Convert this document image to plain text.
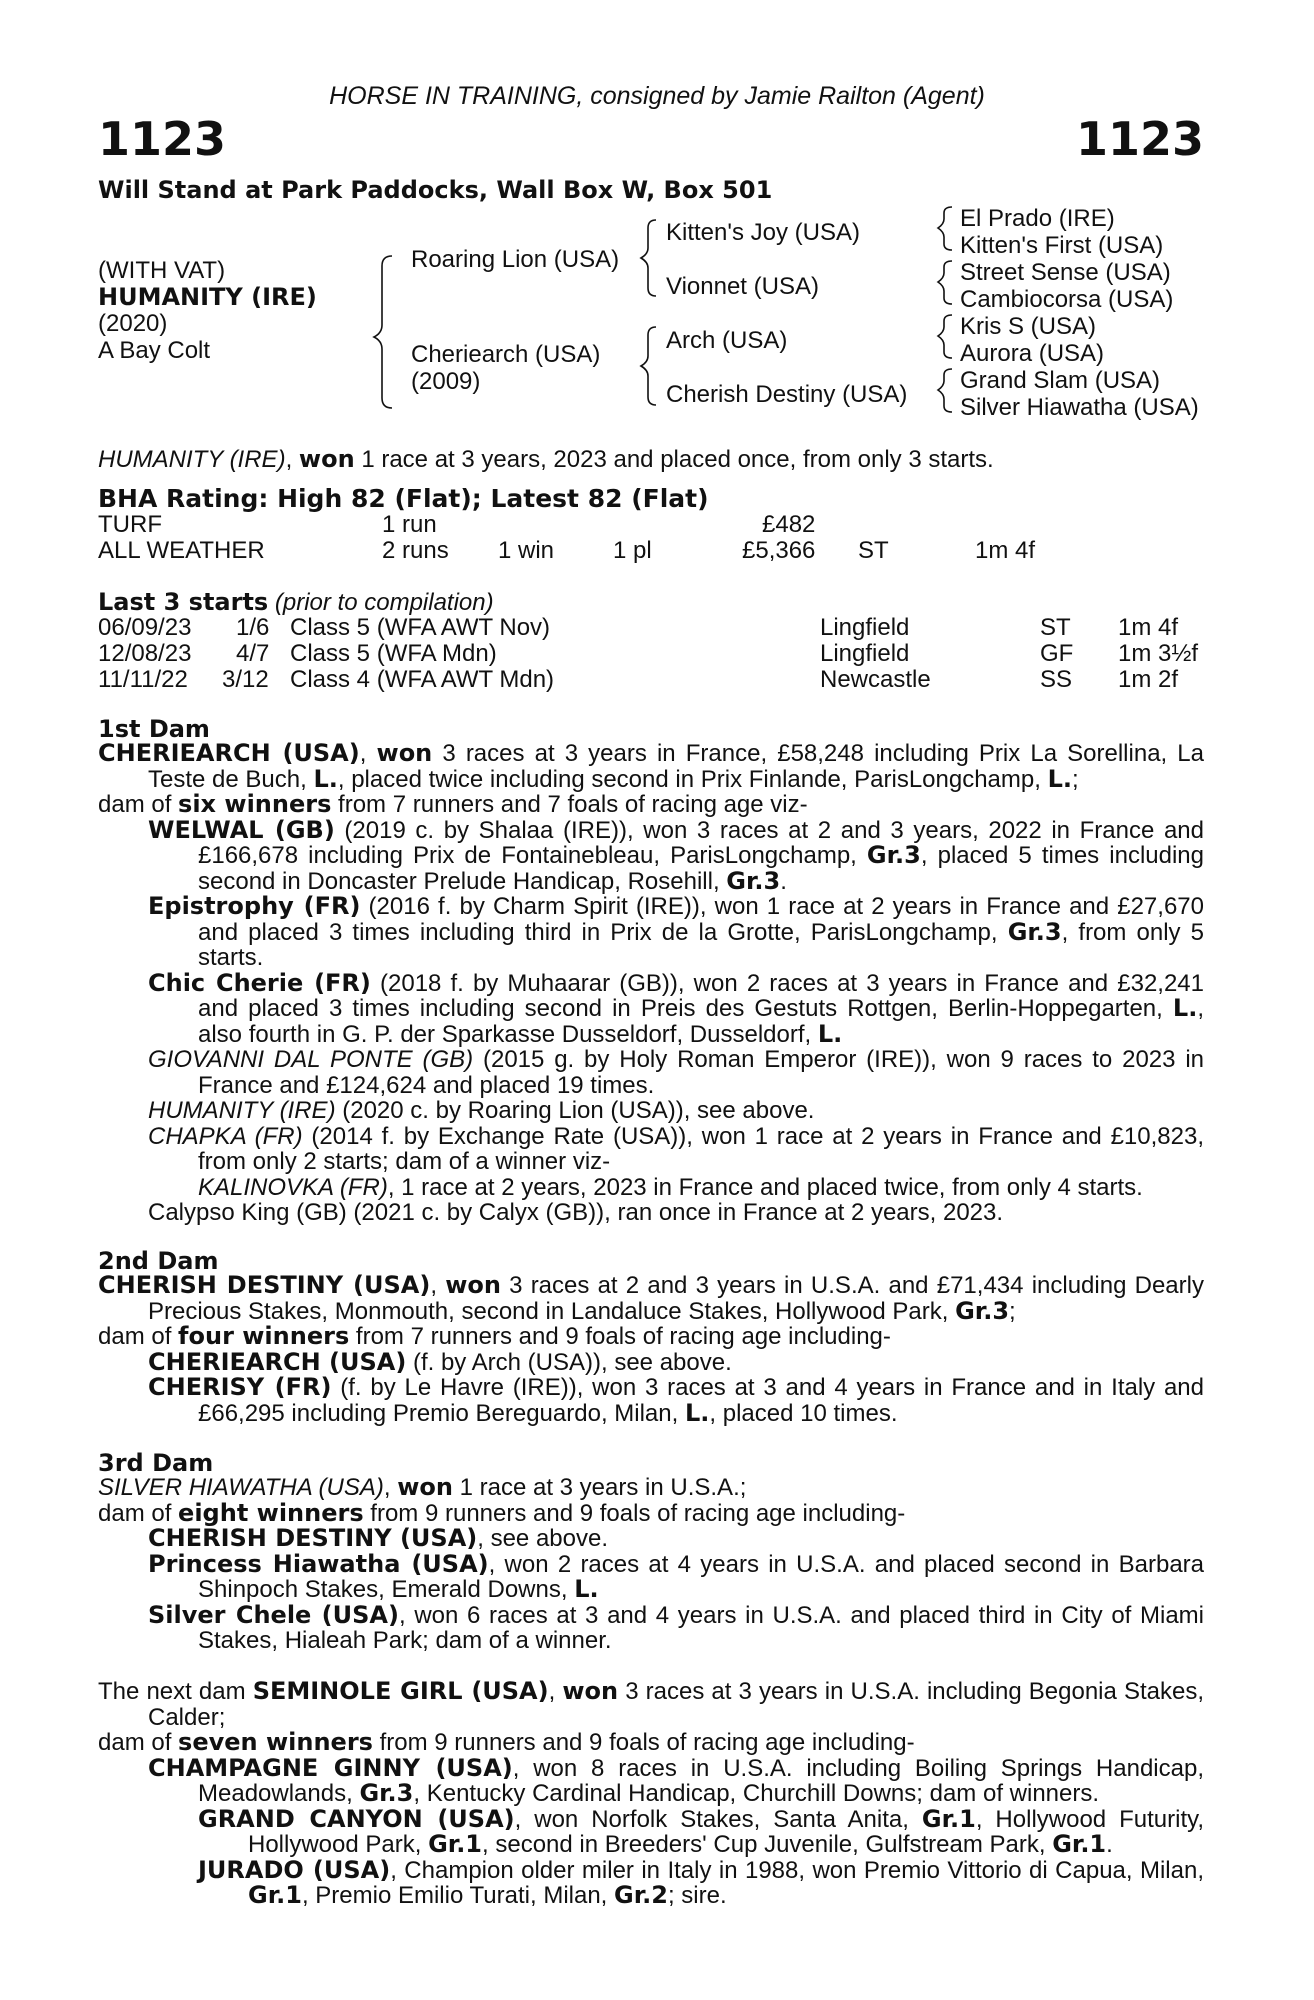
HORSE IN TRAINING, consigned by Jamie Railton (Agent)
1123	1123
Will Stand at Park Paddocks, Wall Box W, Box 501
(WITH VAT)
HUMANITY (IRE)
(2020)
A Bay Colt
Roaring Lion (USA)
Cheriearch (USA)
(2009)
Kitten's Joy (USA)
Vionnet (USA)
Arch (USA)
Cherish Destiny (USA)
El Prado (IRE)
Kitten's First (USA)
Street Sense (USA)
Cambiocorsa (USA)
Kris S (USA)
Aurora (USA)
Grand Slam (USA)
Silver Hiawatha (USA)
HUMANITY (IRE), won 1 race at 3 years, 2023 and placed once, from only 3 starts.
BHA Rating: High 82 (Flat); Latest 82 (Flat)
TURF	1 run	£482
ALL WEATHER	2 runs 1 win 1 pl	£5,366 ST	1m 4f
Last 3 starts (prior to compilation)
06/09/23 1/6 Class 5 (WFA AWT Nov)	Lingfield	ST 1m 4f
12/08/23 4/7 Class 5 (WFA Mdn)	Lingfield	GF 1m 3½f
11/11/22 3/12 Class 4 (WFA AWT Mdn)	Newcastle	SS 1m 2f
1st Dam

CHERIEARCH (USA), won 3 races at 3 years in France, £58,248 including Prix La Sorellina, La Teste de Buch, L., placed twice including second in Prix Finlande, ParisLongchamp, L.;

dam of six winners from 7 runners and 7 foals of racing age viz-

WELWAL (GB) (2019 c. by Shalaa (IRE)), won 3 races at 2 and 3 years, 2022 in France and £166,678 including Prix de Fontainebleau, ParisLongchamp, Gr.3, placed 5 times including second in Doncaster Prelude Handicap, Rosehill, Gr.3.

Epistrophy (FR) (2016 f. by Charm Spirit (IRE)), won 1 race at 2 years in France and £27,670 and placed 3 times including third in Prix de la Grotte, ParisLongchamp, Gr.3, from only 5 starts.

Chic Cherie (FR) (2018 f. by Muhaarar (GB)), won 2 races at 3 years in France and £32,241 and placed 3 times including second in Preis des Gestuts Rottgen, Berlin-Hoppegarten, L., also fourth in G. P. der Sparkasse Dusseldorf, Dusseldorf, L.

GIOVANNI DAL PONTE (GB) (2015 g. by Holy Roman Emperor (IRE)), won 9 races to 2023 in France and £124,624 and placed 19 times.

HUMANITY (IRE) (2020 c. by Roaring Lion (USA)), see above.

CHAPKA (FR) (2014 f. by Exchange Rate (USA)), won 1 race at 2 years in France and £10,823, from only 2 starts; dam of a winner viz-

KALINOVKA (FR), 1 race at 2 years, 2023 in France and placed twice, from only 4 starts.

Calypso King (GB) (2021 c. by Calyx (GB)), ran once in France at 2 years, 2023.

2nd Dam

CHERISH DESTINY (USA), won 3 races at 2 and 3 years in U.S.A. and £71,434 including Dearly Precious Stakes, Monmouth, second in Landaluce Stakes, Hollywood Park, Gr.3;

dam of four winners from 7 runners and 9 foals of racing age including-

CHERIEARCH (USA) (f. by Arch (USA)), see above.

CHERISY (FR) (f. by Le Havre (IRE)), won 3 races at 3 and 4 years in France and in Italy and £66,295 including Premio Bereguardo, Milan, L., placed 10 times.

3rd Dam

SILVER HIAWATHA (USA), won 1 race at 3 years in U.S.A.;

dam of eight winners from 9 runners and 9 foals of racing age including-

CHERISH DESTINY (USA), see above.

Princess Hiawatha (USA), won 2 races at 4 years in U.S.A. and placed second in Barbara Shinpoch Stakes, Emerald Downs, L.

Silver Chele (USA), won 6 races at 3 and 4 years in U.S.A. and placed third in City of Miami Stakes, Hialeah Park; dam of a winner.

The next dam SEMINOLE GIRL (USA), won 3 races at 3 years in U.S.A. including Begonia Stakes, Calder;

dam of seven winners from 9 runners and 9 foals of racing age including-

CHAMPAGNE GINNY (USA), won 8 races in U.S.A. including Boiling Springs Handicap, Meadowlands, Gr.3, Kentucky Cardinal Handicap, Churchill Downs; dam of winners.

GRAND CANYON (USA), won Norfolk Stakes, Santa Anita, Gr.1, Hollywood Futurity, Hollywood Park, Gr.1, second in Breeders' Cup Juvenile, Gulfstream Park, Gr.1.

JURADO (USA), Champion older miler in Italy in 1988, won Premio Vittorio di Capua, Milan, Gr.1, Premio Emilio Turati, Milan, Gr.2; sire.
